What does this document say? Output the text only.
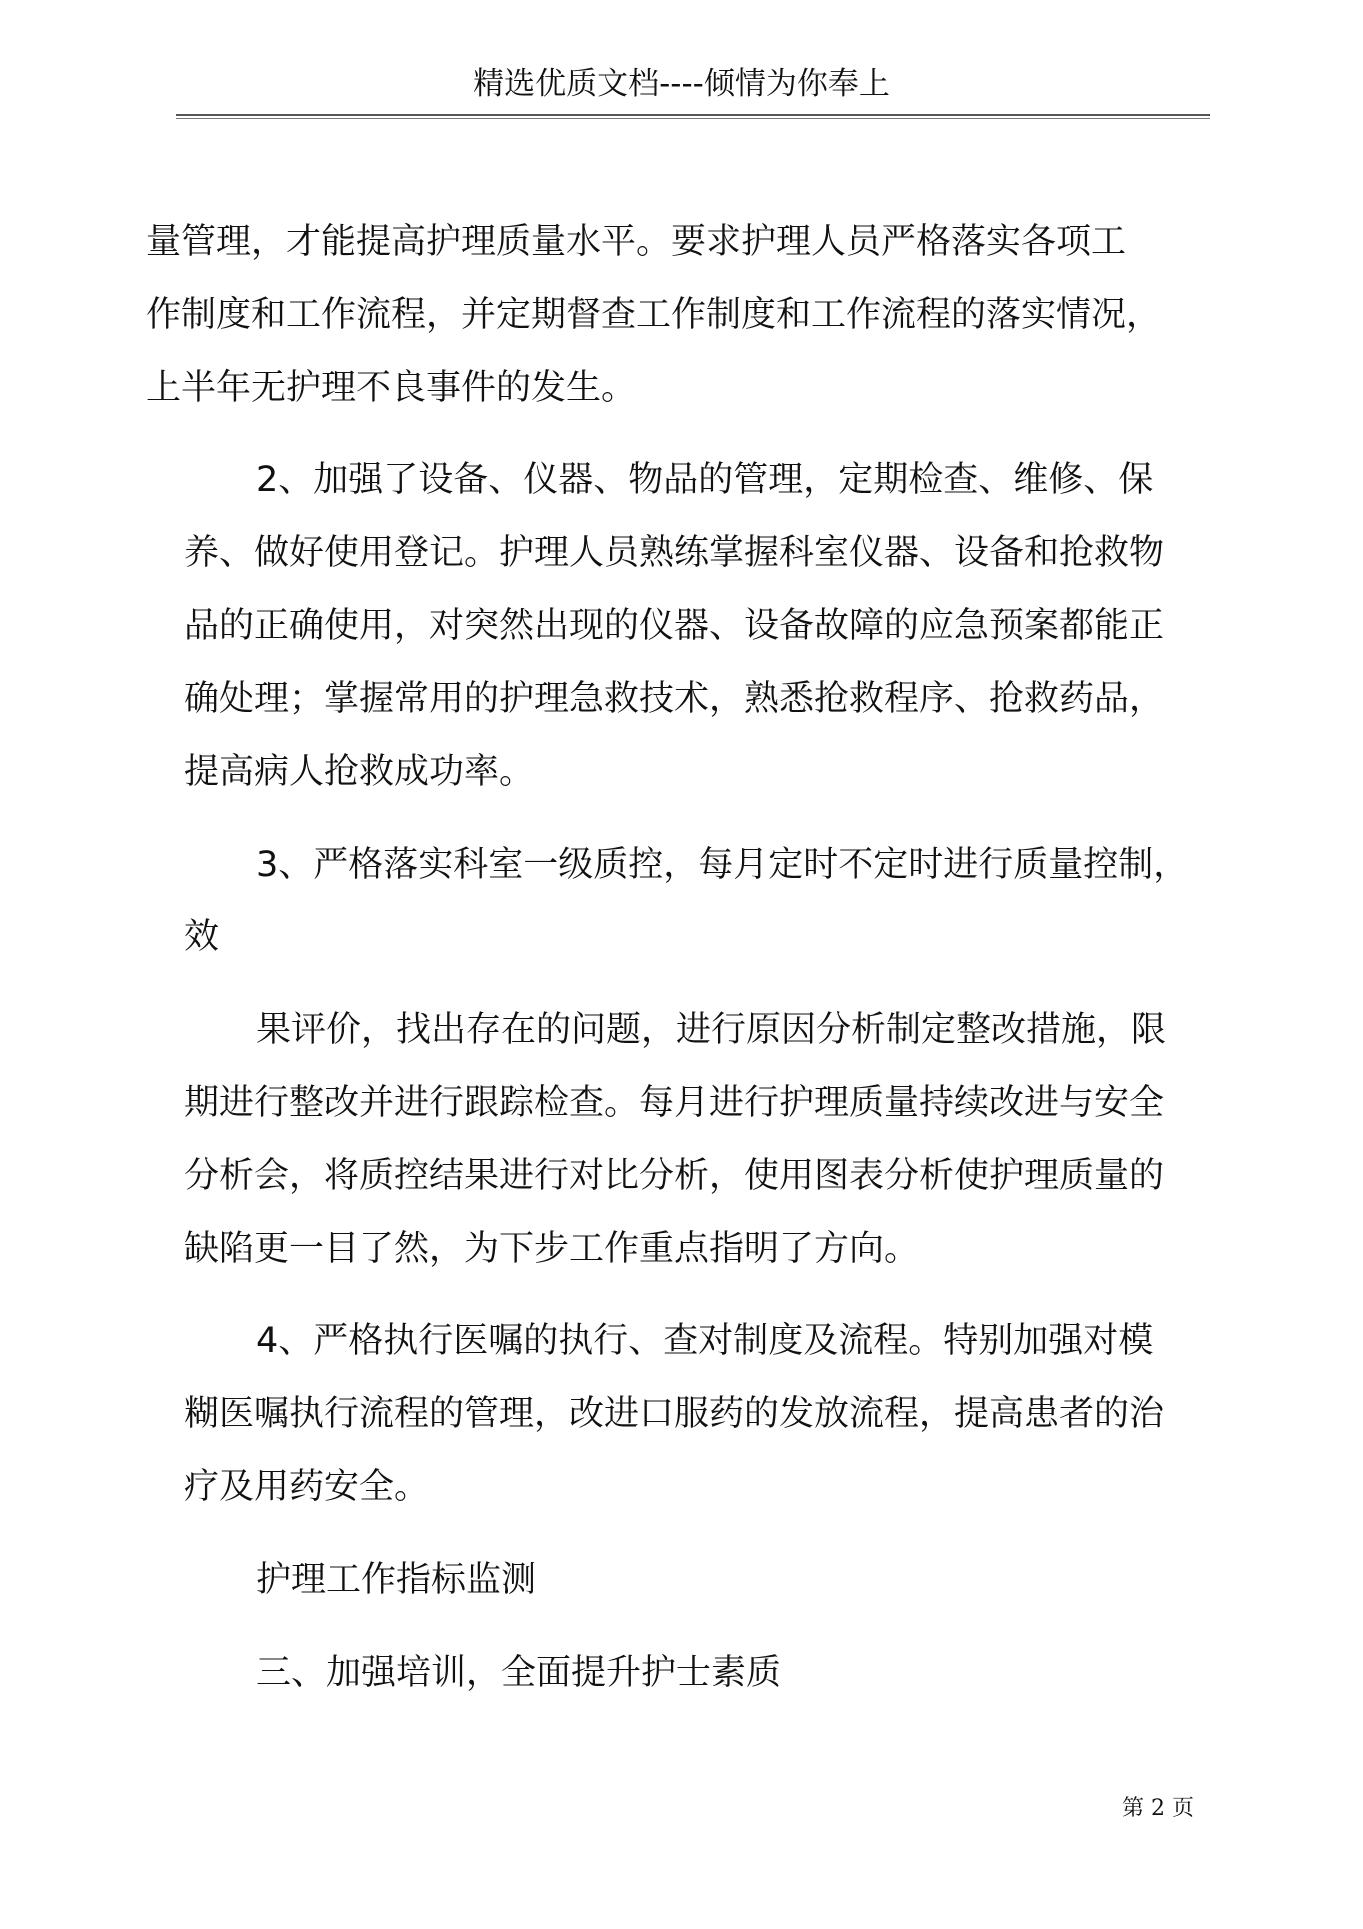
精选优质文档----倾情为你奉上
量管理，才能提高护理质量水平。要求护理人员严格落实各项工
作制度和工作流程，并定期督查工作制度和工作流程的落实情况，
上半年无护理不良事件的发生。
2、加强了设备、仪器、物品的管理，定期检查、维修、保
养、做好使用登记。护理人员熟练掌握科室仪器、设备和抢救物
品的正确使用，对突然出现的仪器、设备故障的应急预案都能正
确处理；掌握常用的护理急救技术，熟悉抢救程序、抢救药品，
提高病人抢救成功率。
3、严格落实科室一级质控，每月定时不定时进行质量控制，
效
果评价，找出存在的问题，进行原因分析制定整改措施，限
期进行整改并进行跟踪检查。每月进行护理质量持续改进与安全
分析会，将质控结果进行对比分析，使用图表分析使护理质量的
缺陷更一目了然，为下步工作重点指明了方向。
4、严格执行医嘱的执行、查对制度及流程。特别加强对模
糊医嘱执行流程的管理，改进口服药的发放流程，提高患者的治
疗及用药安全。
护理工作指标监测
三、加强培训，全面提升护士素质
第 2 页
